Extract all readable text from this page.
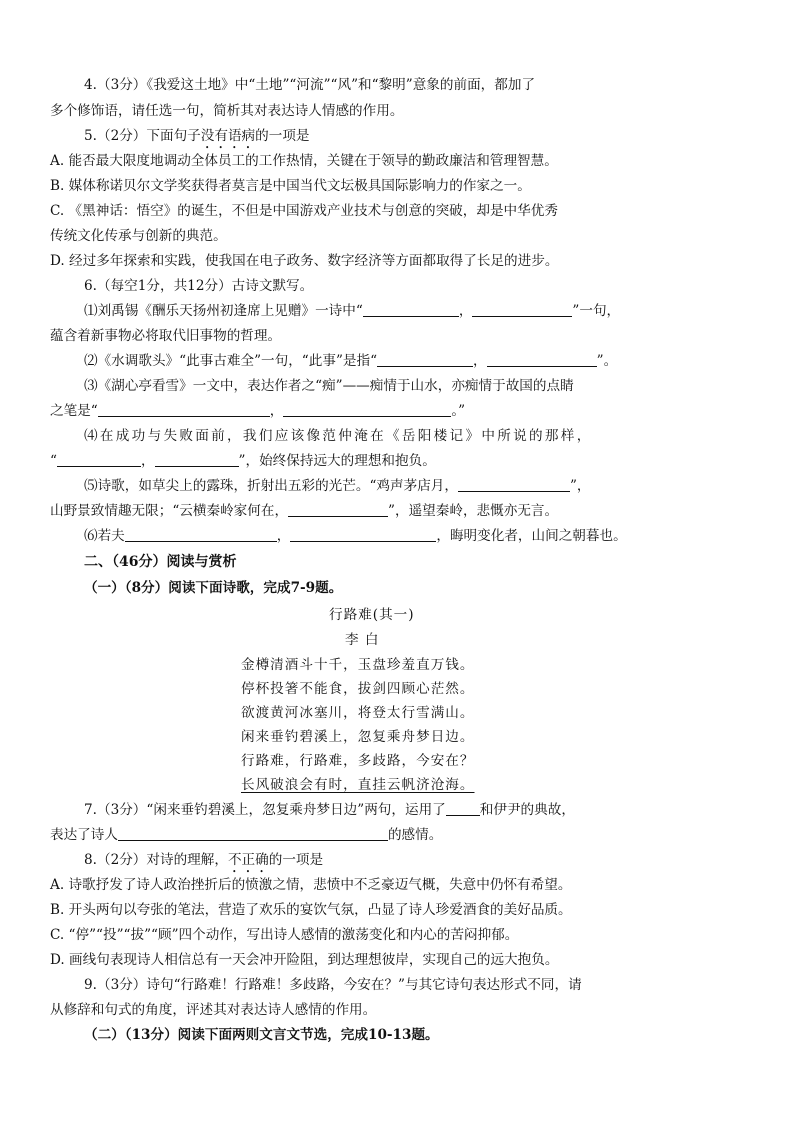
4.（3分）《我爱这土地》中“土地”“河流”“风”和“黎明”意象的前面，都加了
多个修饰语，请任选一句，简析其对表达诗人情感的作用。
5.（2分）下面句子没有语病的一项是
A. 能否最大限度地调动全体员工的工作热情，关键在于领导的勤政廉洁和管理智慧。
B. 媒体称诺贝尔文学奖获得者莫言是中国当代文坛极具国际影响力的作家之一。
C. 《黑神话：悟空》的诞生，不但是中国游戏产业技术与创意的突破，却是中华优秀
传统文化传承与创新的典范。
D. 经过多年探索和实践，使我国在电子政务、数字经济等方面都取得了长足的进步。
6.（每空1分，共12分）古诗文默写。
⑴刘禹锡《酬乐天扬州初逢席上见赠》一诗中“	，	”一句，
蕴含着新事物必将取代旧事物的哲理。
⑵《水调歌头》“此事古难全”一句，“此事”是指“	，	”。
⑶《湖心亭看雪》一文中，表达作者之“痴”——痴情于山水，亦痴情于故国的点睛
之笔是“	，	。”
⑷在成功与失败面前，我们应该像范仲淹在《岳阳楼记》中所说的那样，
“	，	”，始终保持远大的理想和抱负。
⑸诗歌，如草尖上的露珠，折射出五彩的光芒。“鸡声茅店月，	”，
山野景致情趣无限；“云横秦岭家何在，	”，遥望秦岭，悲慨亦无言。
⑹若夫	，	，晦明变化者，山间之朝暮也。
二、（46分）阅读与赏析
（一）（8分）阅读下面诗歌，完成7-9题。
行路难(其一)
李 白
金樽清酒斗十千，玉盘珍羞直万钱。
停杯投箸不能食，拔剑四顾心茫然。
欲渡黄河冰塞川，将登太行雪满山。
闲来垂钓碧溪上，忽复乘舟梦日边。
行路难，行路难，多歧路，今安在？
长风破浪会有时，直挂云帆济沧海。
7.（3分）“闲来垂钓碧溪上，忽复乘舟梦日边”两句，运用了	和伊尹的典故，
表达了诗人	的感情。
8.（2分）对诗的理解，不正确的一项是
A. 诗歌抒发了诗人政治挫折后的愤激之情，悲愤中不乏豪迈气概，失意中仍怀有希望。
B. 开头两句以夸张的笔法，营造了欢乐的宴饮气氛，凸显了诗人珍爱酒食的美好品质。
C. “停”“投”“拔”“顾”四个动作，写出诗人感情的激荡变化和内心的苦闷抑郁。
D. 画线句表现诗人相信总有一天会冲开险阻，到达理想彼岸，实现自己的远大抱负。
9.（3分）诗句“行路难！行路难！多歧路，今安在？”与其它诗句表达形式不同，请
从修辞和句式的角度，评述其对表达诗人感情的作用。
（二）（13分）阅读下面两则文言文节选，完成10-13题。
